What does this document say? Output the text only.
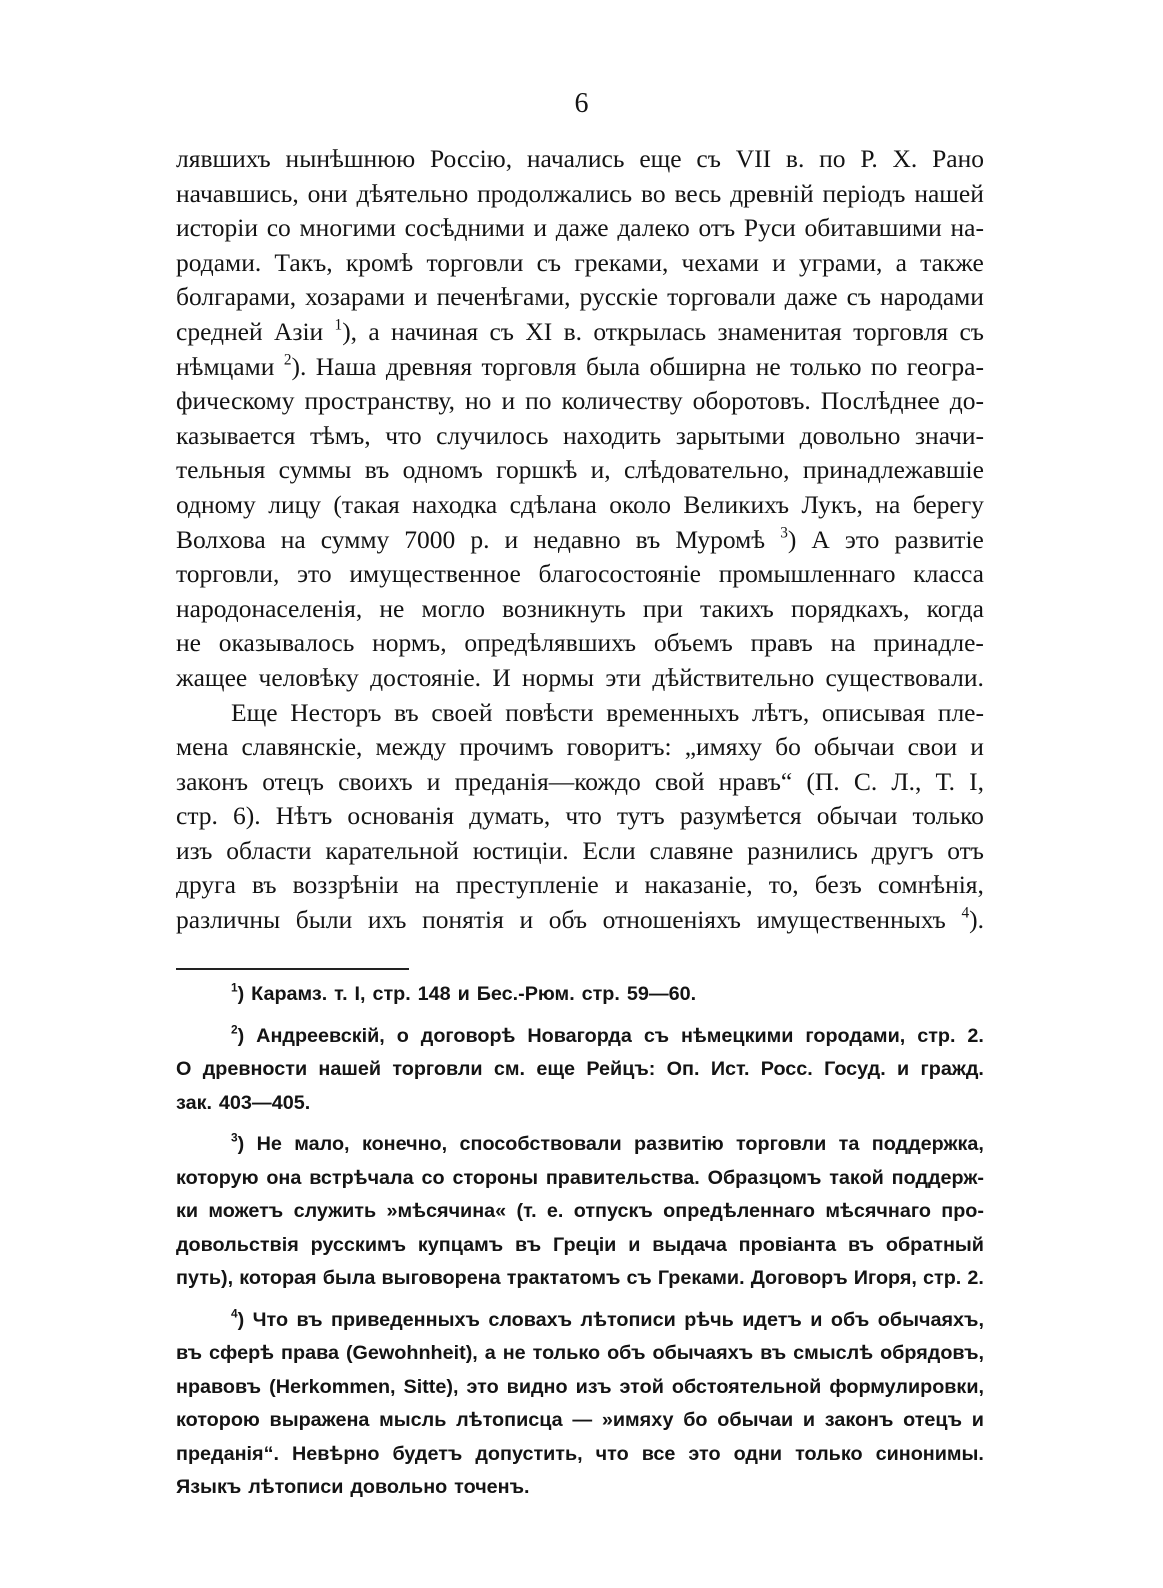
6
лявшихъ нынѣшнюю Россію, начались еще съ VII в. по Р. Х. Рано
начавшись, они дѣятельно продолжались во весь древній періодъ нашей
исторіи со многими сосѣдними и даже далеко отъ Руси обитавшими на-
родами. Такъ, кромѣ торговли съ греками, чехами и уграми, а также
болгарами, хозарами и печенѣгами, русскіе торговали даже съ народами
средней Азіи $^1$), а начиная съ XI в. открылась знаменитая торговля съ
нѣмцами $^2$). Наша древняя торговля была обширна не только по геогра-
фическому пространству, но и по количеству оборотовъ. Послѣднее до-
казывается тѣмъ, что случилось находить зарытыми довольно значи-
тельныя суммы въ одномъ горшкѣ и, слѣдовательно, принадлежавшіе
одному лицу (такая находка сдѣлана около Великихъ Лукъ, на берегу
Волхова на сумму 7000 р. и недавно въ Муромѣ $^3$) А это развитіе
торговли, это имущественное благосостояніе промышленнаго класса
народонаселенія, не могло возникнуть при такихъ порядкахъ, когда
не оказывалось нормъ, опредѣлявшихъ объемъ правъ на принадле-
жащее человѣку достояніе. И нормы эти дѣйствительно существовали.
Еще Несторъ въ своей повѣсти временныхъ лѣтъ, описывая пле-
мена славянскіе, между прочимъ говоритъ: „имяху бо обычаи свои и
законъ отецъ своихъ и преданія—кождо свой нравъ“ (П. С. Л., Т. I,
стр. 6). Нѣтъ основанія думать, что тутъ разумѣется обычаи только
изъ области карательной юстиціи. Если славяне разнились другъ отъ
друга въ воззрѣніи на преступленіе и наказаніе, то, безъ сомнѣнія,
различны были ихъ понятія и объ отношеніяхъ имущественныхъ $^4$).
$^1$) Карамз. т. I, стр. 148 и Бес.-Рюм. стр. 59—60.
$^2$) Андреевскій, о договорѣ Новагорда съ нѣмецкими городами, стр. 2.
О древности нашей торговли см. еще Рейцъ: Оп. Ист. Росс. Госуд. и гражд.
зак. 403—405.
$^3$) Не мало, конечно, способствовали развитію торговли та поддержка,
которую она встрѣчала со стороны правительства. Образцомъ такой поддерж-
ки можетъ служить »мѣсячина« (т. е. отпускъ опредѣленнаго мѣсячнаго про-
довольствія русскимъ купцамъ въ Греціи и выдача провіанта въ обратный
путь), которая была выговорена трактатомъ съ Греками. Договоръ Игоря, стр. 2.
$^4$) Что въ приведенныхъ словахъ лѣтописи рѣчь идетъ и объ обычаяхъ,
въ сферѣ права (Gewohnheit), а не только объ обычаяхъ въ смыслѣ обрядовъ,
нравовъ (Herkommen, Sitte), это видно изъ этой обстоятельной формулировки,
которою выражена мысль лѣтописца — »имяху бо обычаи и законъ отецъ и
преданія“. Невѣрно будетъ допустить, что все это одни только синонимы.
Языкъ лѣтописи довольно точенъ.
